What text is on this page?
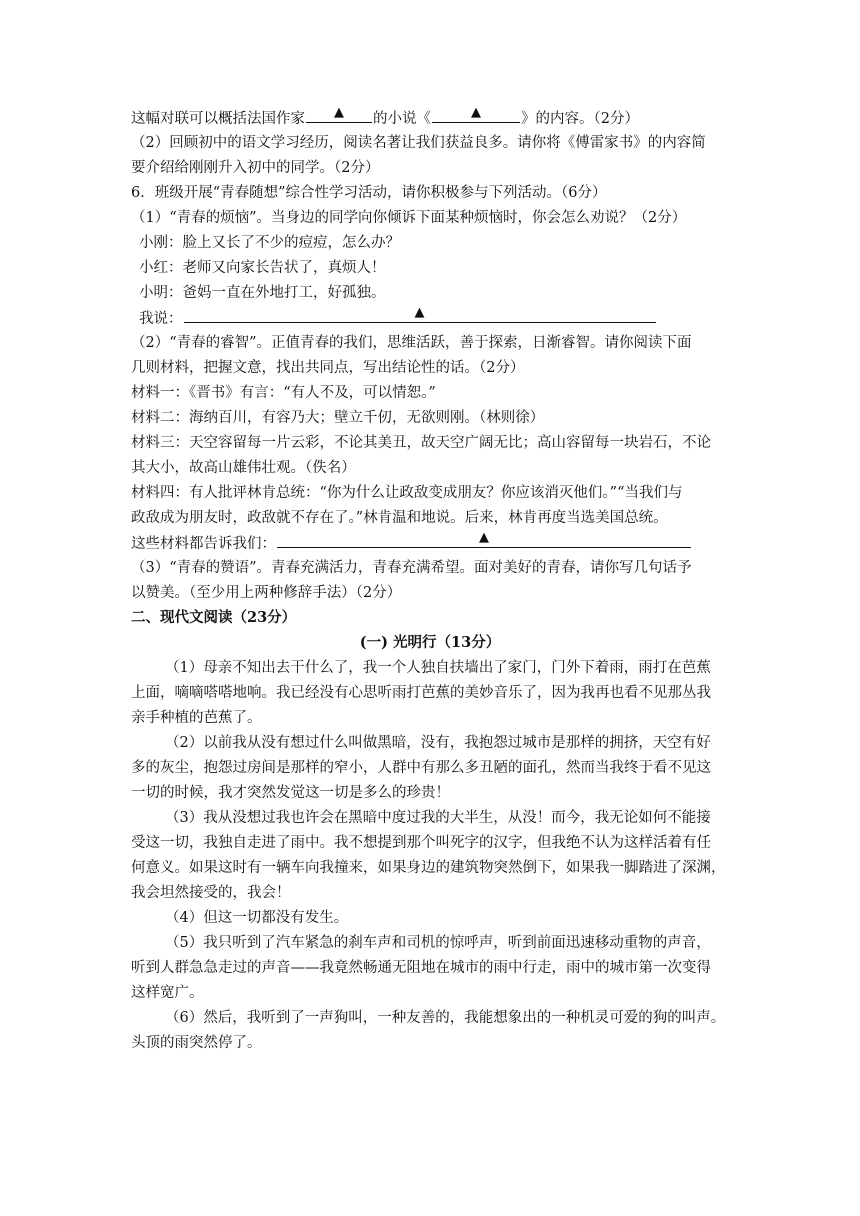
这幅对联可以概括法国作家 ▲ 的小说《	▲	》的内容。（2分）
（2）回顾初中的语文学习经历，阅读名著让我们获益良多。请你将《傅雷家书》的内容简
要介绍给刚刚升入初中的同学。（2分）
6．班级开展“青春随想”综合性学习活动，请你积极参与下列活动。（6分）
（1）“青春的烦恼”。当身边的同学向你倾诉下面某种烦恼时，你会怎么劝说？（2分）
小刚：脸上又长了不少的痘痘，怎么办？
小红：老师又向家长告状了，真烦人！
小明：爸妈一直在外地打工，好孤独。
我说：	▲
（2）“青春的睿智”。正值青春的我们，思维活跃，善于探索，日渐睿智。请你阅读下面
几则材料，把握文意，找出共同点，写出结论性的话。（2分）
材料一：《晋书》有言：“有人不及，可以情恕。”
材料二：海纳百川，有容乃大；壁立千仞，无欲则刚。（林则徐）
材料三：天空容留每一片云彩，不论其美丑，故天空广阔无比；高山容留每一块岩石，不论
其大小，故高山雄伟壮观。（佚名）
材料四：有人批评林肯总统：“你为什么让政敌变成朋友？你应该消灭他们。”“当我们与
政敌成为朋友时，政敌就不存在了。”林肯温和地说。后来，林肯再度当选美国总统。
这些材料都告诉我们：	▲
（3）“青春的赞语”。青春充满活力，青春充满希望。面对美好的青春，请你写几句话予
以赞美。（至少用上两种修辞手法）（2分）
二、现代文阅读（23分）
(一) 光明行（13分）
（1）母亲不知出去干什么了，我一个人独自扶墙出了家门，门外下着雨，雨打在芭蕉
上面，嘀嘀嗒嗒地响。我已经没有心思听雨打芭蕉的美妙音乐了，因为我再也看不见那丛我
亲手种植的芭蕉了。
（2）以前我从没有想过什么叫做黑暗，没有，我抱怨过城市是那样的拥挤，天空有好
多的灰尘，抱怨过房间是那样的窄小，人群中有那么多丑陋的面孔，然而当我终于看不见这
一切的时候，我才突然发觉这一切是多么的珍贵！
（3）我从没想过我也许会在黑暗中度过我的大半生，从没！而今，我无论如何不能接
受这一切，我独自走进了雨中。我不想提到那个叫死字的汉字，但我绝不认为这样活着有任
何意义。如果这时有一辆车向我撞来，如果身边的建筑物突然倒下，如果我一脚踏进了深渊，
我会坦然接受的，我会！
（4）但这一切都没有发生。
（5）我只听到了汽车紧急的刹车声和司机的惊呼声，听到前面迅速移动重物的声音，
听到人群急急走过的声音——我竟然畅通无阻地在城市的雨中行走，雨中的城市第一次变得
这样宽广。
（6）然后，我听到了一声狗叫，一种友善的，我能想象出的一种机灵可爱的狗的叫声。
头顶的雨突然停了。
